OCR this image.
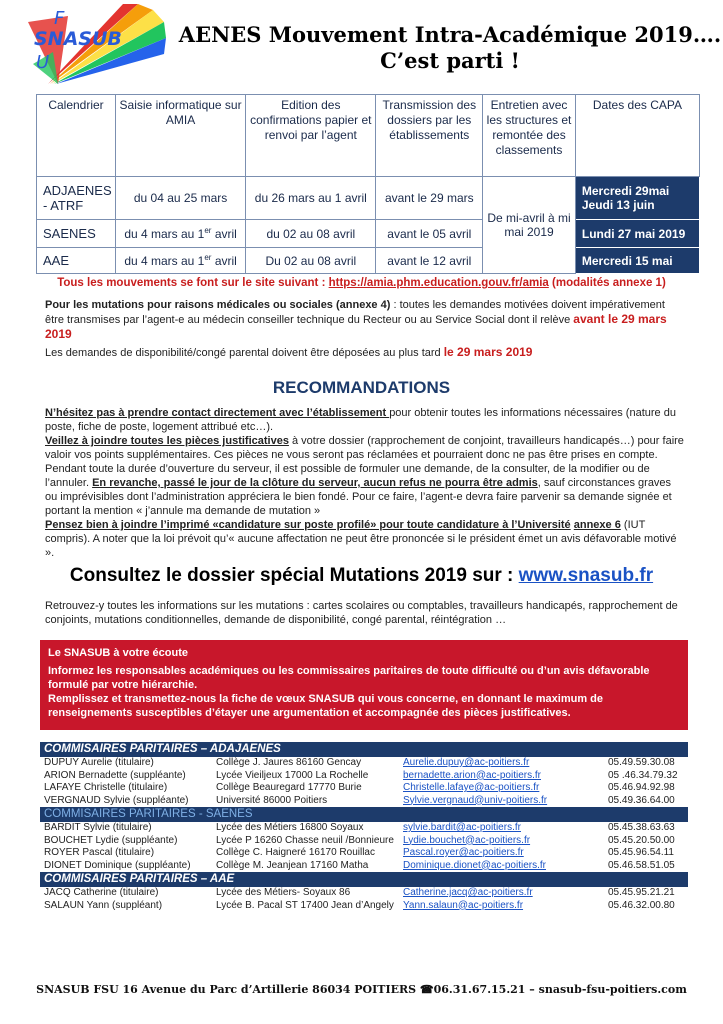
F
SNASUB
U
AENES Mouvement Intra-Académique 2019….
C’est parti !
Calendrier	Saisie informatique sur AMIA	Edition des confirmations papier et renvoi par l’agent	Transmission des dossiers par les établissements	Entretien avec les structures et remontée des classements	Dates des CAPA
ADJAENES - ATRF	du 04 au 25 mars	du 26 mars au 1 avril	avant le 29 mars	De mi-avril à mi mai 2019	Mercredi 29mai Jeudi 13 juin
SAENES	du 4 mars au 1er avril	du 02 au 08 avril	avant le 05 avril		Lundi 27 mai 2019
AAE	du 4 mars au 1er avril	Du 02 au 08 avril	avant le 12 avril		Mercredi 15 mai
Tous les mouvements se font sur le site suivant : https://amia.phm.education.gouv.fr/amia (modalités annexe 1)
Pour les mutations pour raisons médicales ou sociales (annexe 4) : toutes les demandes motivées doivent impérativement être transmises par l’agent-e au médecin conseiller technique du Recteur ou au Service Social dont il relève avant le 29 mars 2019
Les demandes de disponibilité/congé parental doivent être déposées au plus tard le 29 mars 2019
RECOMMANDATIONS
N’hésitez pas à prendre contact directement avec l’établissement pour obtenir toutes les informations nécessaires (nature du poste, fiche de poste, logement attribué etc…).
Veillez à joindre toutes les pièces justificatives à votre dossier (rapprochement de conjoint, travailleurs handicapés…) pour faire valoir vos points supplémentaires. Ces pièces ne vous seront pas réclamées et pourraient donc ne pas être prises en compte.
Pendant toute la durée d’ouverture du serveur, il est possible de formuler une demande, de la consulter, de la modifier ou de l’annuler. En revanche, passé le jour de la clôture du serveur, aucun refus ne pourra être admis, sauf circonstances graves ou imprévisibles dont l’administration appréciera le bien fondé. Pour ce faire, l’agent-e devra faire parvenir sa demande signée et portant la mention « j’annule ma demande de mutation »
Pensez bien à joindre l’imprimé «candidature sur poste profilé» pour toute candidature à l’Université annexe 6 (IUT compris). A noter que la loi prévoit qu’« aucune affectation ne peut être prononcée si le président émet un avis défavorable motivé ».
Consultez le dossier spécial Mutations 2019 sur : www.snasub.fr
Retrouvez-y toutes les informations sur les mutations : cartes scolaires ou comptables, travailleurs handicapés, rapprochement de conjoints, mutations conditionnelles, demande de disponibilité, congé parental, réintégration …
Le SNASUB à votre écoute
Informez les responsables académiques ou les commissaires paritaires de toute difficulté ou d’un avis défavorable formulé par votre hiérarchie.
Remplissez et transmettez-nous la fiche de vœux SNASUB qui vous concerne, en donnant le maximum de renseignements susceptibles d’étayer une argumentation et accompagnée des pièces justificatives.
COMMISAIRES PARITAIRES – ADAJAENES
DUPUY Aurelie (titulaire)	Collège J. Jaures 86160 Gencay	Aurelie.dupuy@ac-poitiers.fr	05.49.59.30.08
ARION Bernadette (suppléante)	Lycée Vieiljeux 17000 La Rochelle	bernadette.arion@ac-poitiers.fr	05 .46.34.79.32
LAFAYE Christelle (titulaire)	Collège Beauregard 17770 Burie	Christelle.lafaye@ac-poitiers.fr	05.46.94.92.98
VERGNAUD Sylvie (suppléante)	Université 86000 Poitiers	Sylvie.vergnaud@univ-poitiers.fr	05.49.36.64.00
COMMISAIRES PARITAIRES - SAENES
BARDIT Sylvie (titulaire)	Lycée des Métiers 16800 Soyaux	sylvie.bardit@ac-poitiers.fr	05.45.38.63.63
BOUCHET Lydie (suppléante)	Lycée P 16260 Chasse neuil /Bonnieure Lydie.bouchet@ac-poitiers.fr	05.45.20.50.00
ROYER Pascal (titulaire)	Collège C. Haigneré 16170 Rouillac	Pascal.royer@ac-poitiers.fr	05.45.96.54.11
DIONET Dominique (suppléante)	Collège M. Jeanjean 17160 Matha	Dominique.dionet@ac-poitiers.fr	05.46.58.51.05
COMMISAIRES PARITAIRES – AAE
JACQ Catherine (titulaire)	Lycée des Métiers- Soyaux 86	Catherine.jacq@ac-poitiers.fr	05.45.95.21.21
SALAUN Yann (suppléant)	Lycée B. Pacal ST 17400 Jean d’Angely Yann.salaun@ac-poitiers.fr	05.46.32.00.80
SNASUB FSU 16 Avenue du Parc d’Artillerie 86034 POITIERS ☎06.31.67.15.21 – snasub-fsu-poitiers.com
